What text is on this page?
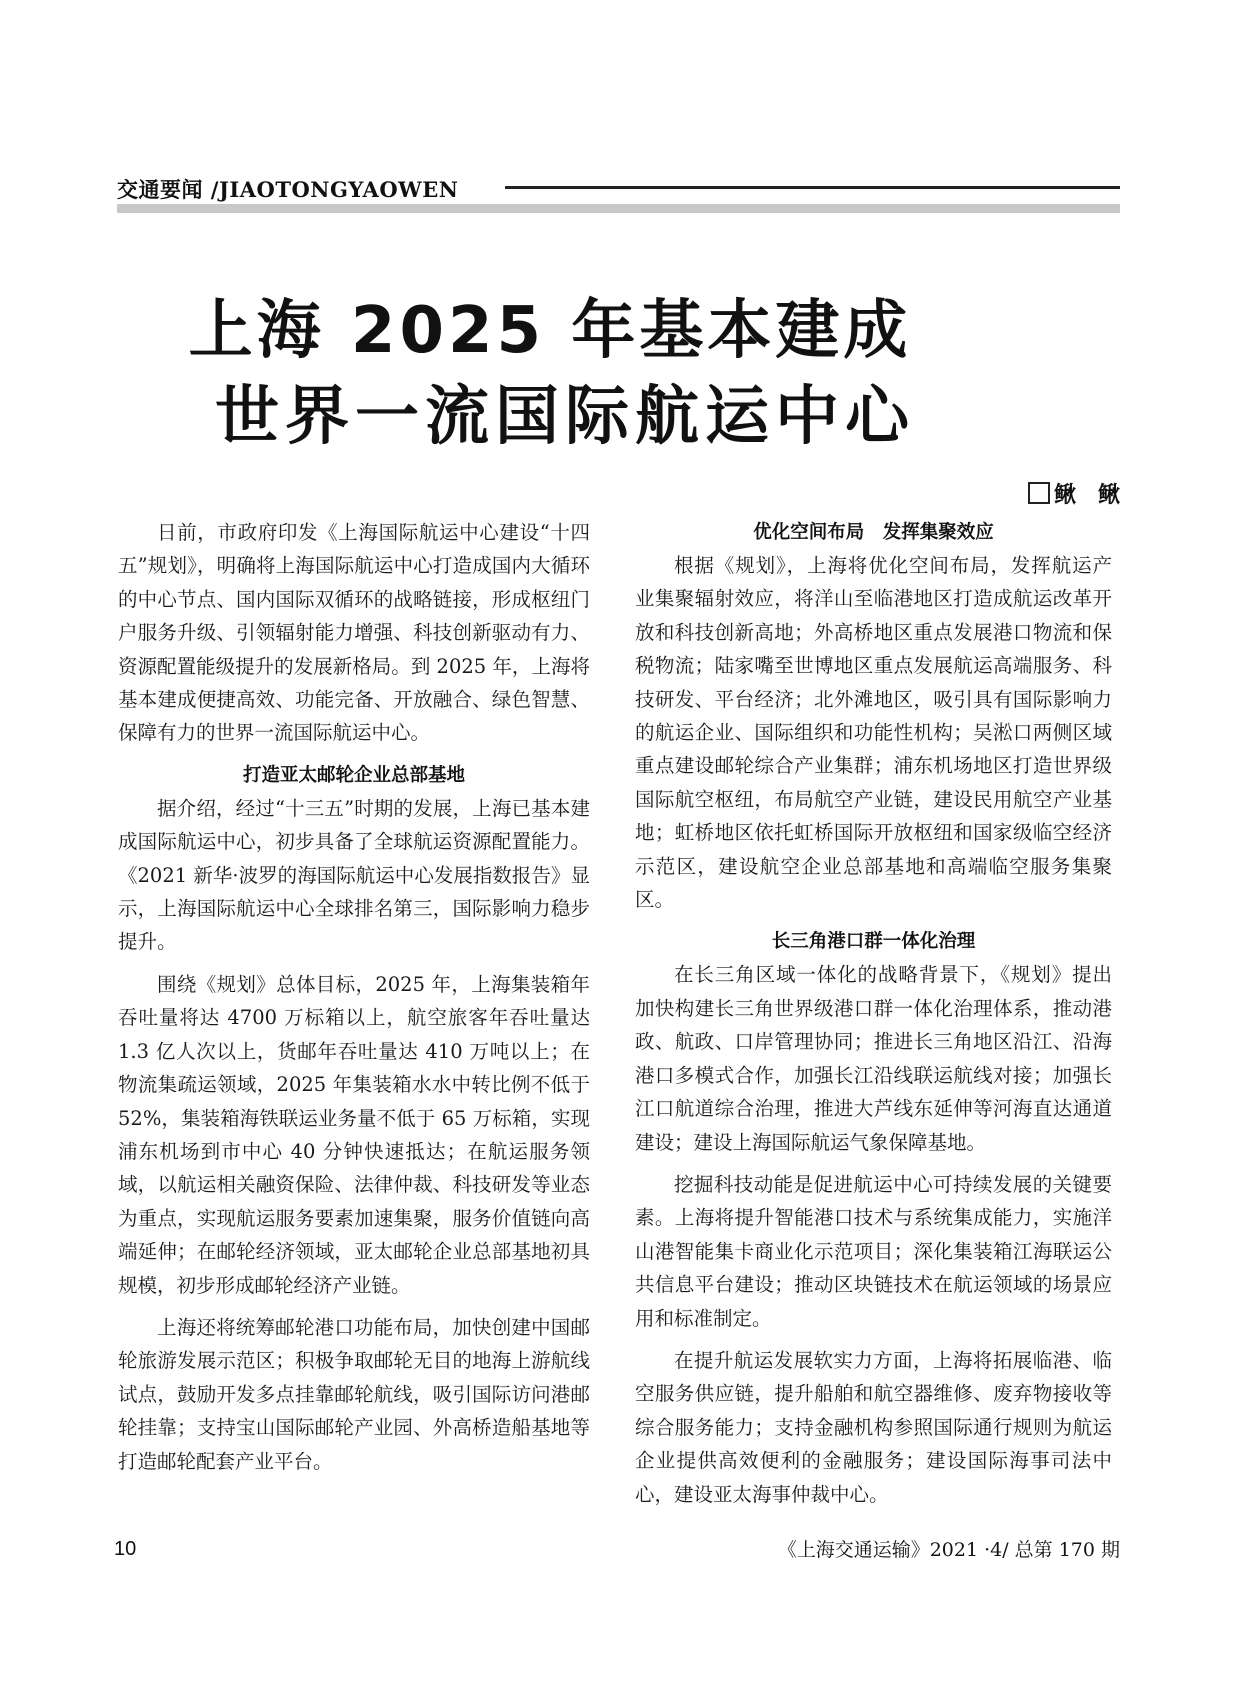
交通要闻 /JIAOTONGYAOWEN
上海 2025 年基本建成
世界一流国际航运中心
鳅　鳅

日前，市政府印发《上海国际航运中心建设“十四五”规划》，明确将上海国际航运中心打造成国内大循环的中心节点、国内国际双循环的战略链接，形成枢纽门户服务升级、引领辐射能力增强、科技创新驱动有力、资源配置能级提升的发展新格局。到 2025 年，上海将基本建成便捷高效、功能完备、开放融合、绿色智慧、保障有力的世界一流国际航运中心。

打造亚太邮轮企业总部基地

据介绍，经过“十三五”时期的发展，上海已基本建成国际航运中心，初步具备了全球航运资源配置能力。《2021 新华·波罗的海国际航运中心发展指数报告》显示，上海国际航运中心全球排名第三，国际影响力稳步提升。

围绕《规划》总体目标，2025 年，上海集装箱年吞吐量将达 4700 万标箱以上，航空旅客年吞吐量达 1.3 亿人次以上，货邮年吞吐量达 410 万吨以上；在物流集疏运领域，2025 年集装箱水水中转比例不低于 52%，集装箱海铁联运业务量不低于 65 万标箱，实现浦东机场到市中心 40 分钟快速抵达；在航运服务领域，以航运相关融资保险、法律仲裁、科技研发等业态为重点，实现航运服务要素加速集聚，服务价值链向高端延伸；在邮轮经济领域，亚太邮轮企业总部基地初具规模，初步形成邮轮经济产业链。

上海还将统筹邮轮港口功能布局，加快创建中国邮轮旅游发展示范区；积极争取邮轮无目的地海上游航线试点，鼓励开发多点挂靠邮轮航线，吸引国际访问港邮轮挂靠；支持宝山国际邮轮产业园、外高桥造船基地等打造邮轮配套产业平台。

优化空间布局　发挥集聚效应

根据《规划》，上海将优化空间布局，发挥航运产业集聚辐射效应，将洋山至临港地区打造成航运改革开放和科技创新高地；外高桥地区重点发展港口物流和保税物流；陆家嘴至世博地区重点发展航运高端服务、科技研发、平台经济；北外滩地区，吸引具有国际影响力的航运企业、国际组织和功能性机构；吴淞口两侧区域重点建设邮轮综合产业集群；浦东机场地区打造世界级国际航空枢纽，布局航空产业链，建设民用航空产业基地；虹桥地区依托虹桥国际开放枢纽和国家级临空经济示范区，建设航空企业总部基地和高端临空服务集聚区。

长三角港口群一体化治理

在长三角区域一体化的战略背景下，《规划》提出加快构建长三角世界级港口群一体化治理体系，推动港政、航政、口岸管理协同；推进长三角地区沿江、沿海港口多模式合作，加强长江沿线联运航线对接；加强长江口航道综合治理，推进大芦线东延伸等河海直达通道建设；建设上海国际航运气象保障基地。

挖掘科技动能是促进航运中心可持续发展的关键要素。上海将提升智能港口技术与系统集成能力，实施洋山港智能集卡商业化示范项目；深化集装箱江海联运公共信息平台建设；推动区块链技术在航运领域的场景应用和标准制定。

在提升航运发展软实力方面，上海将拓展临港、临空服务供应链，提升船舶和航空器维修、废弃物接收等综合服务能力；支持金融机构参照国际通行规则为航运企业提供高效便利的金融服务；建设国际海事司法中心，建设亚太海事仲裁中心。

10	《上海交通运输》2021 ·4/ 总第 170 期
